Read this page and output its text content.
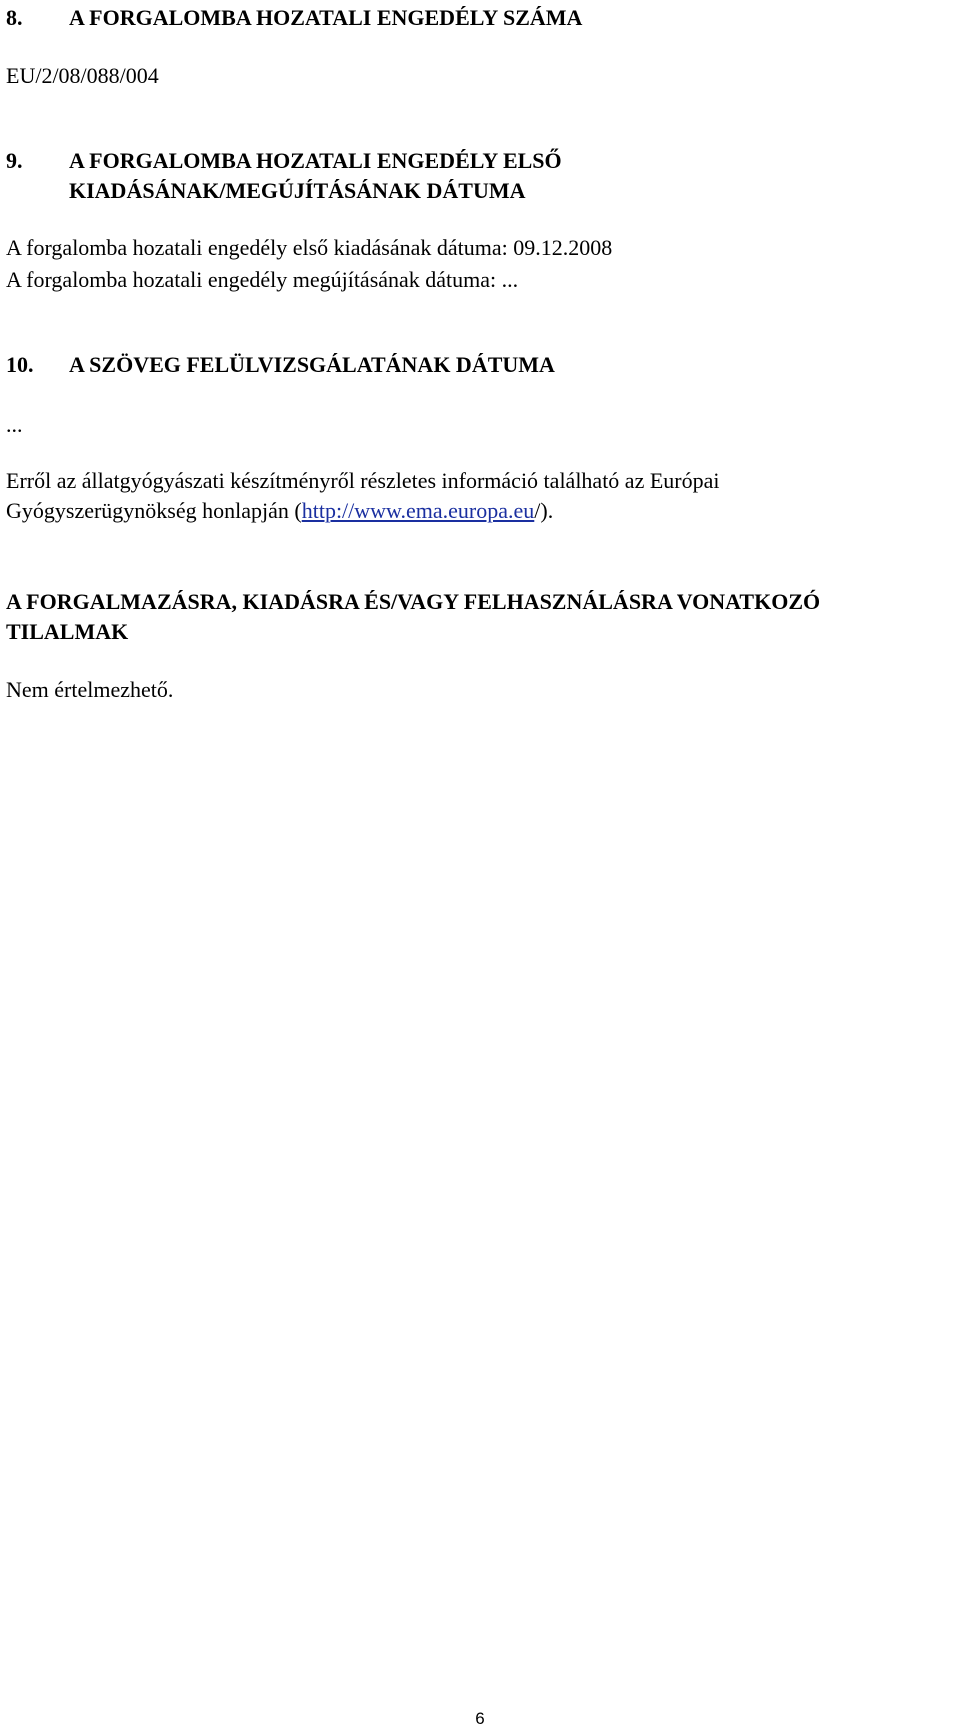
8. A FORGALOMBA HOZATALI ENGEDÉLY SZÁMA
EU/2/08/088/004
9. A FORGALOMBA HOZATALI ENGEDÉLY ELSŐ
KIADÁSÁNAK/MEGÚJÍTÁSÁNAK DÁTUMA
A forgalomba hozatali engedély első kiadásának dátuma: 09.12.2008
A forgalomba hozatali engedély megújításának dátuma: ...
10. A SZÖVEG FELÜLVIZSGÁLATÁNAK DÁTUMA
...
Erről az állatgyógyászati készítményről részletes információ található az Európai
Gyógyszerügynökség honlapján (http://www.ema.europa.eu/).
A FORGALMAZÁSRA, KIADÁSRA ÉS/VAGY FELHASZNÁLÁSRA VONATKOZÓ
TILALMAK
Nem értelmezhető.
6
